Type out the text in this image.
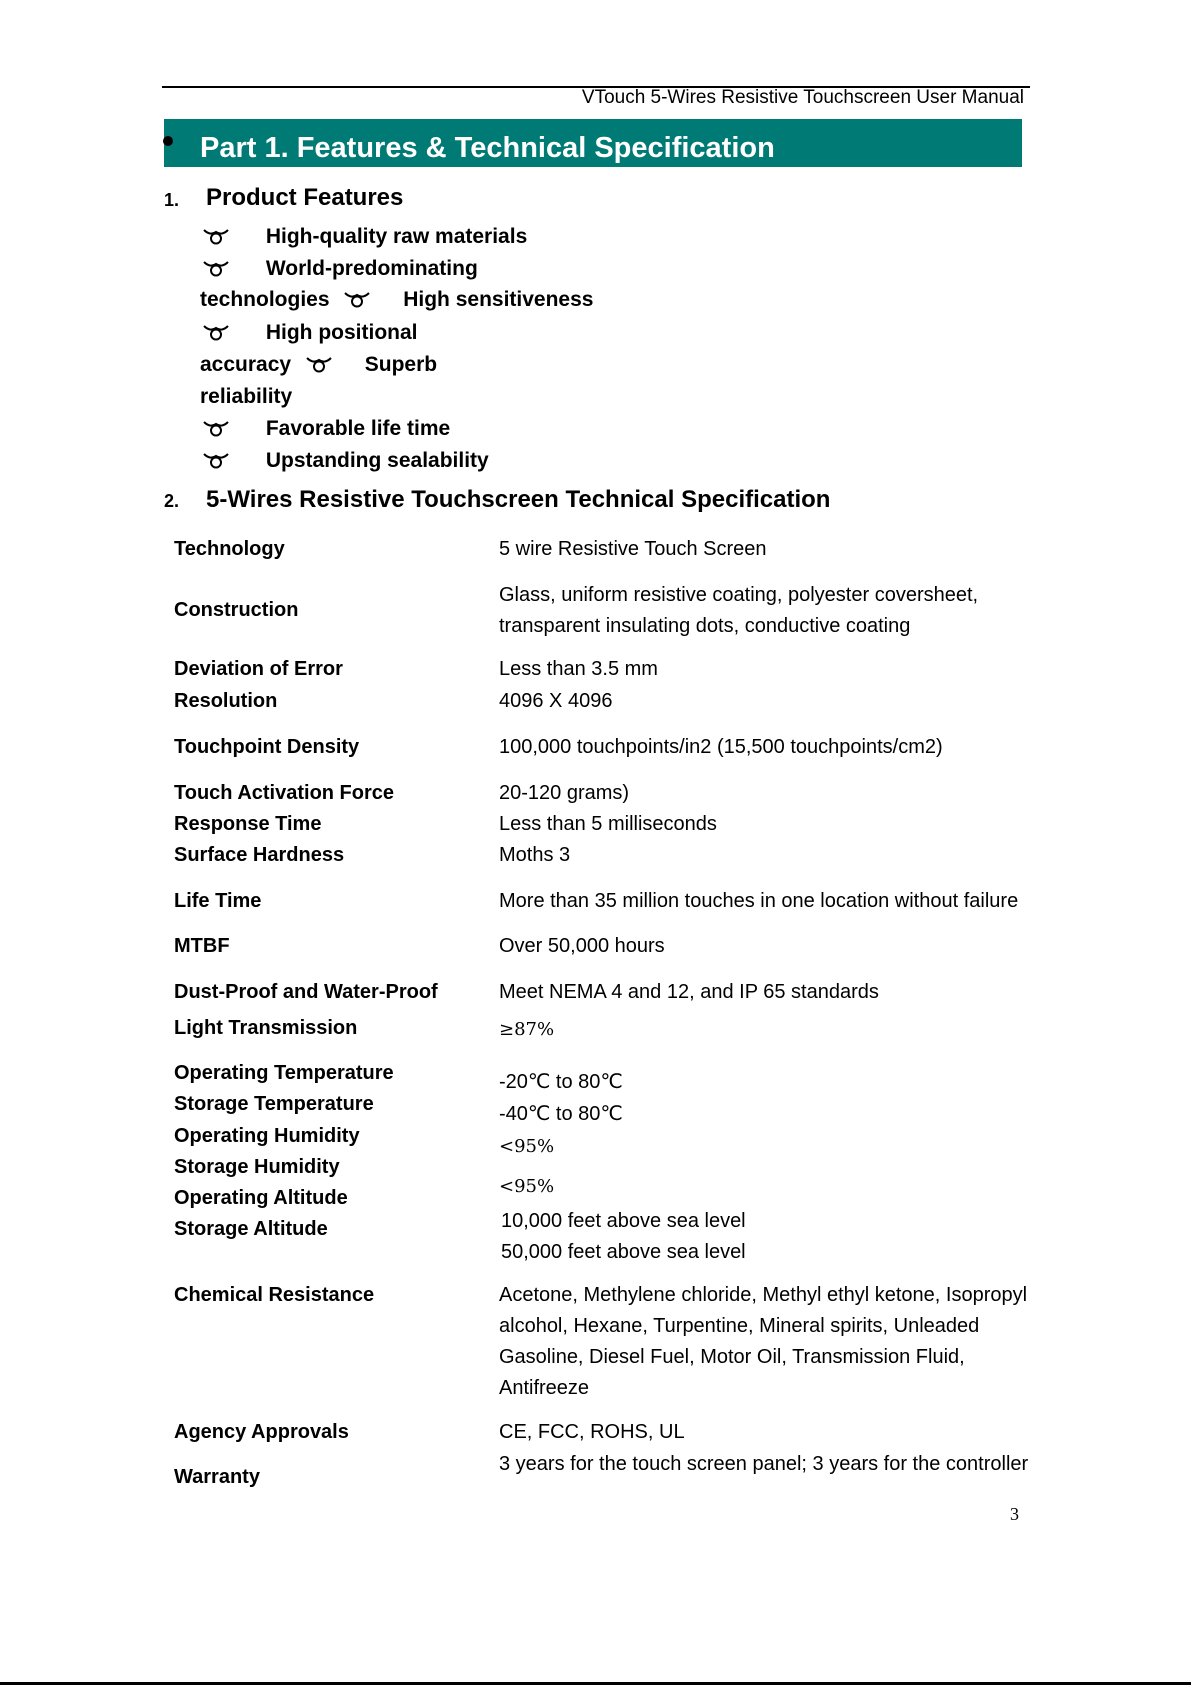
VTouch 5-Wires Resistive Touchscreen User Manual
Part 1. Features & Technical Specification
1. Product Features
High-quality raw materials
World-predominating
technologies	High sensitiveness
High positional
accuracy	Superb
reliability
Favorable life time
Upstanding sealability
2. 5-Wires Resistive Touchscreen Technical Specification
Technology
Construction
Deviation of Error
Resolution
Touchpoint Density
Touch Activation Force
Response Time
Surface Hardness
Life Time
MTBF
Dust-Proof and Water-Proof
Light Transmission
Operating Temperature
Storage Temperature
Operating Humidity
Storage Humidity
Operating Altitude
Storage Altitude
Chemical Resistance
Agency Approvals
Warranty
5 wire Resistive Touch Screen
Glass, uniform resistive coating, polyester coversheet, transparent insulating dots, conductive coating
Less than 3.5 mm
4096 X 4096
100,000 touchpoints/in2 (15,500 touchpoints/cm2)
20-120 grams)
Less than 5 milliseconds
Moths 3
More than 35 million touches in one location without failure
Over 50,000 hours
Meet NEMA 4 and 12, and IP 65 standards
≥87%
-20℃ to 80℃
-40℃ to 80℃
<95%
<95%
10,000 feet above sea level
50,000 feet above sea level
Acetone, Methylene chloride, Methyl ethyl ketone, Isopropyl alcohol, Hexane, Turpentine, Mineral spirits, Unleaded Gasoline, Diesel Fuel, Motor Oil, Transmission Fluid, Antifreeze
CE, FCC, ROHS, UL
3 years for the touch screen panel; 3 years for the controller
3
